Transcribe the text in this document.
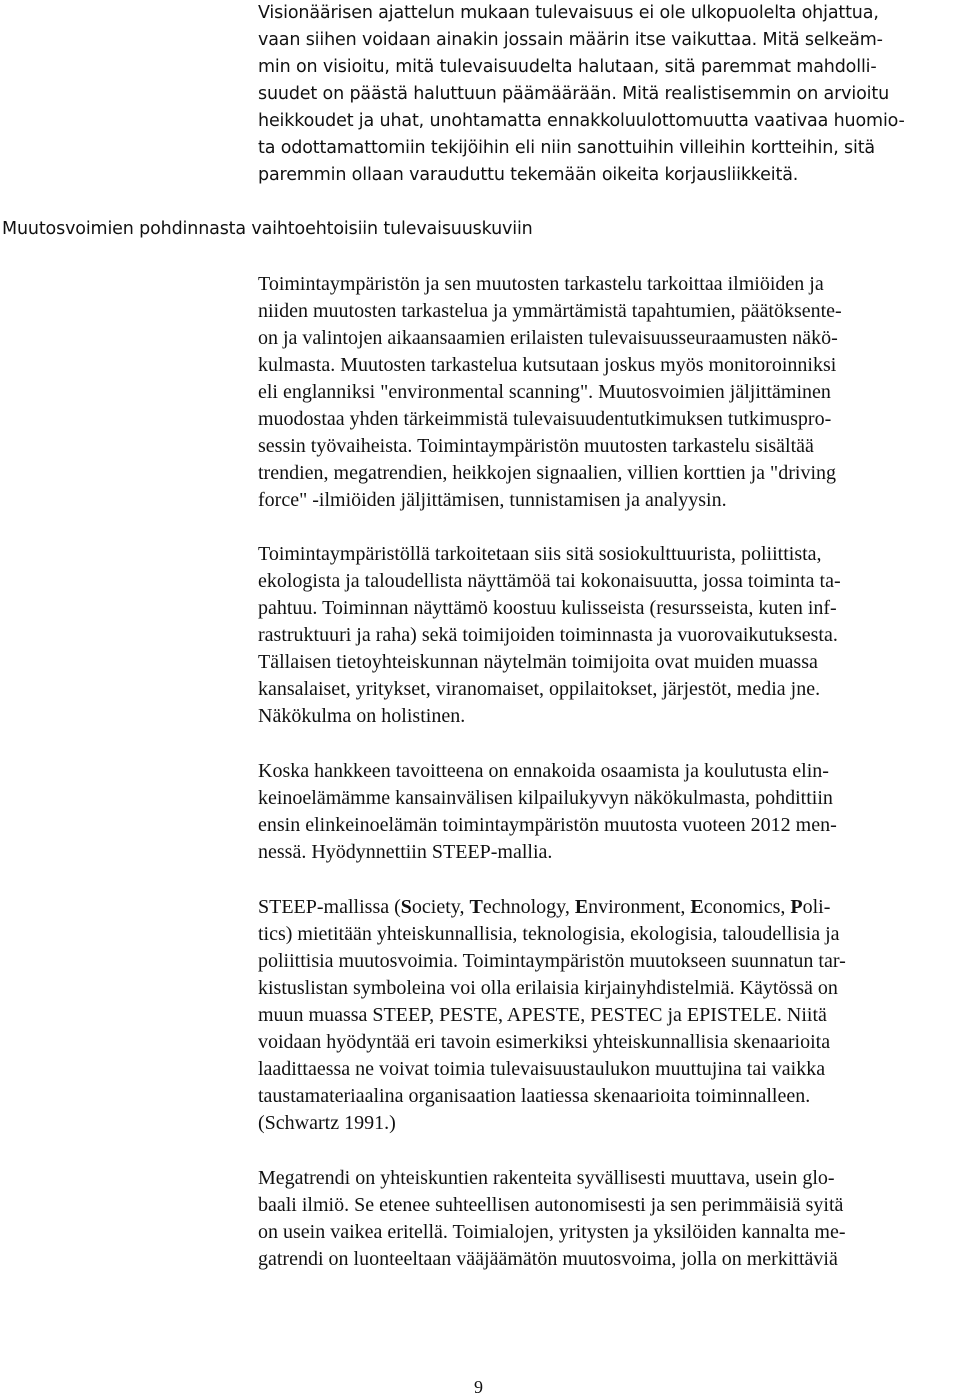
Visionäärisen ajattelun mukaan tulevaisuus ei ole ulkopuolelta ohjattua,
vaan siihen voidaan ainakin jossain määrin itse vaikuttaa. Mitä selkeäm-
min on visioitu, mitä tulevaisuudelta halutaan, sitä paremmat mahdolli-
suudet on päästä haluttuun päämäärään. Mitä realistisemmin on arvioitu
heikkoudet ja uhat, unohtamatta ennakkoluulottomuutta vaativaa huomio-
ta odottamattomiin tekijöihin eli niin sanottuihin villeihin kortteihin, sitä
paremmin ollaan varauduttu tekemään oikeita korjausliikkeitä.
Muutosvoimien pohdinnasta vaihtoehtoisiin tulevaisuuskuviin
Toimintaympäristön ja sen muutosten tarkastelu tarkoittaa ilmiöiden ja
niiden muutosten tarkastelua ja ymmärtämistä tapahtumien, päätöksente-
on ja valintojen aikaansaamien erilaisten tulevaisuusseuraamusten näkö-
kulmasta. Muutosten tarkastelua kutsutaan joskus myös monitoroinniksi
eli englanniksi "environmental scanning". Muutosvoimien jäljittäminen
muodostaa yhden tärkeimmistä tulevaisuudentutkimuksen tutkimuspro-
sessin työvaiheista. Toimintaympäristön muutosten tarkastelu sisältää
trendien, megatrendien, heikkojen signaalien, villien korttien ja "driving
force" -ilmiöiden jäljittämisen, tunnistamisen ja analyysin.
Toimintaympäristöllä tarkoitetaan siis sitä sosiokulttuurista, poliittista,
ekologista ja taloudellista näyttämöä tai kokonaisuutta, jossa toiminta ta-
pahtuu. Toiminnan näyttämö koostuu kulisseista (resursseista, kuten inf-
rastruktuuri ja raha) sekä toimijoiden toiminnasta ja vuorovaikutuksesta.
Tällaisen tietoyhteiskunnan näytelmän toimijoita ovat muiden muassa
kansalaiset, yritykset, viranomaiset, oppilaitokset, järjestöt, media jne.
Näkökulma on holistinen.
Koska hankkeen tavoitteena on ennakoida osaamista ja koulutusta elin-
keinoelämämme kansainvälisen kilpailukyvyn näkökulmasta, pohdittiin
ensin elinkeinoelämän toimintaympäristön muutosta vuoteen 2012 men-
nessä. Hyödynnettiin STEEP-mallia.
STEEP-mallissa (Society, Technology, Environment, Economics, Poli-
tics) mietitään yhteiskunnallisia, teknologisia, ekologisia, taloudellisia ja
poliittisia muutosvoimia. Toimintaympäristön muutokseen suunnatun tar-
kistuslistan symboleina voi olla erilaisia kirjainyhdistelmiä. Käytössä on
muun muassa STEEP, PESTE, APESTE, PESTEC ja EPISTELE. Niitä
voidaan hyödyntää eri tavoin esimerkiksi yhteiskunnallisia skenaarioita
laadittaessa ne voivat toimia tulevaisuustaulukon muuttujina tai vaikka
taustamateriaalina organisaation laatiessa skenaarioita toiminnalleen.
(Schwartz 1991.)
Megatrendi on yhteiskuntien rakenteita syvällisesti muuttava, usein glo-
baali ilmiö. Se etenee suhteellisen autonomisesti ja sen perimmäisiä syitä
on usein vaikea eritellä. Toimialojen, yritysten ja yksilöiden kannalta me-
gatrendi on luonteeltaan vääjäämätön muutosvoima, jolla on merkittäviä
9
